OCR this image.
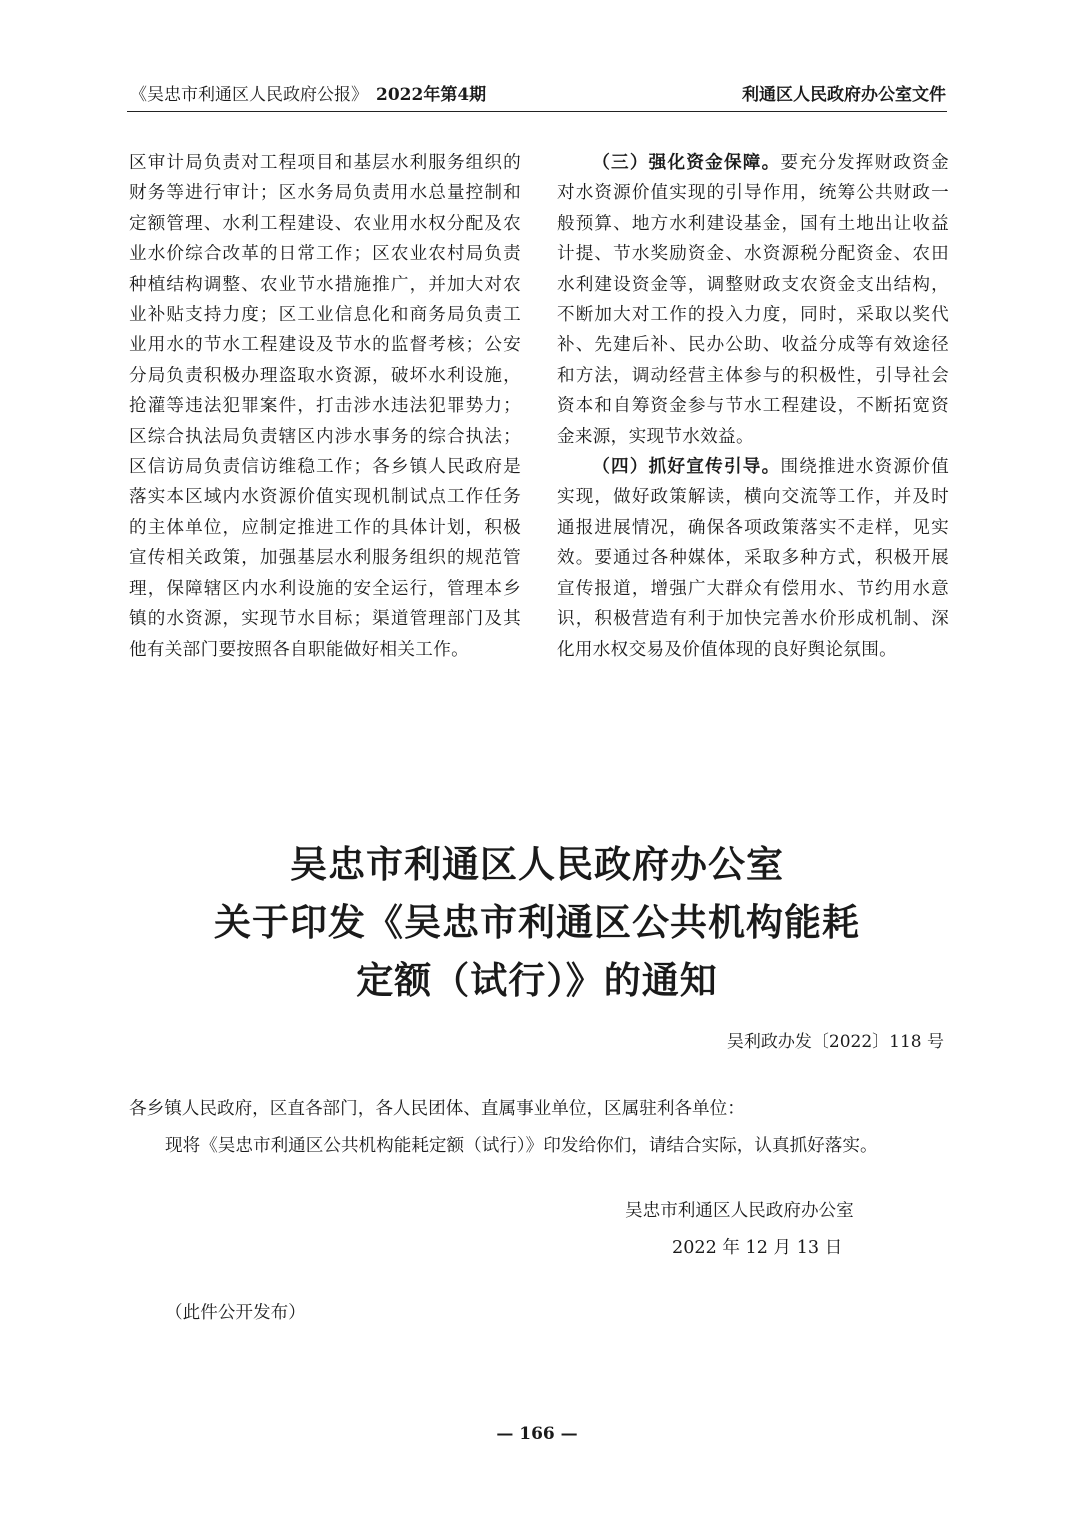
《吴忠市利通区人民政府公报》 2022年第4期	利通区人民政府办公室文件

区审计局负责对工程项目和基层水利服务组织的财务等进行审计；区水务局负责用水总量控制和定额管理、水利工程建设、农业用水权分配及农业水价综合改革的日常工作；区农业农村局负责种植结构调整、农业节水措施推广，并加大对农业补贴支持力度；区工业信息化和商务局负责工业用水的节水工程建设及节水的监督考核；公安分局负责积极办理盗取水资源，破坏水利设施，抢灌等违法犯罪案件，打击涉水违法犯罪势力；区综合执法局负责辖区内涉水事务的综合执法；区信访局负责信访维稳工作；各乡镇人民政府是落实本区域内水资源价值实现机制试点工作任务的主体单位，应制定推进工作的具体计划，积极宣传相关政策，加强基层水利服务组织的规范管理，保障辖区内水利设施的安全运行，管理本乡镇的水资源，实现节水目标；渠道管理部门及其他有关部门要按照各自职能做好相关工作。

（三）强化资金保障。要充分发挥财政资金对水资源价值实现的引导作用，统筹公共财政一般预算、地方水利建设基金，国有土地出让收益计提、节水奖励资金、水资源税分配资金、农田水利建设资金等，调整财政支农资金支出结构，不断加大对工作的投入力度，同时，采取以奖代补、先建后补、民办公助、收益分成等有效途径和方法，调动经营主体参与的积极性，引导社会资本和自筹资金参与节水工程建设，不断拓宽资金来源，实现节水效益。

（四）抓好宣传引导。围绕推进水资源价值实现，做好政策解读，横向交流等工作，并及时通报进展情况，确保各项政策落实不走样，见实效。要通过各种媒体，采取多种方式，积极开展宣传报道，增强广大群众有偿用水、节约用水意识，积极营造有利于加快完善水价形成机制、深化用水权交易及价值体现的良好舆论氛围。

吴忠市利通区人民政府办公室
关于印发《吴忠市利通区公共机构能耗
定额（试行）》的通知
吴利政办发〔2022〕118 号
各乡镇人民政府，区直各部门，各人民团体、直属事业单位，区属驻利各单位：
现将《吴忠市利通区公共机构能耗定额（试行）》印发给你们，请结合实际，认真抓好落实。
吴忠市利通区人民政府办公室
2022 年 12 月 13 日
（此件公开发布）
— 166 —
